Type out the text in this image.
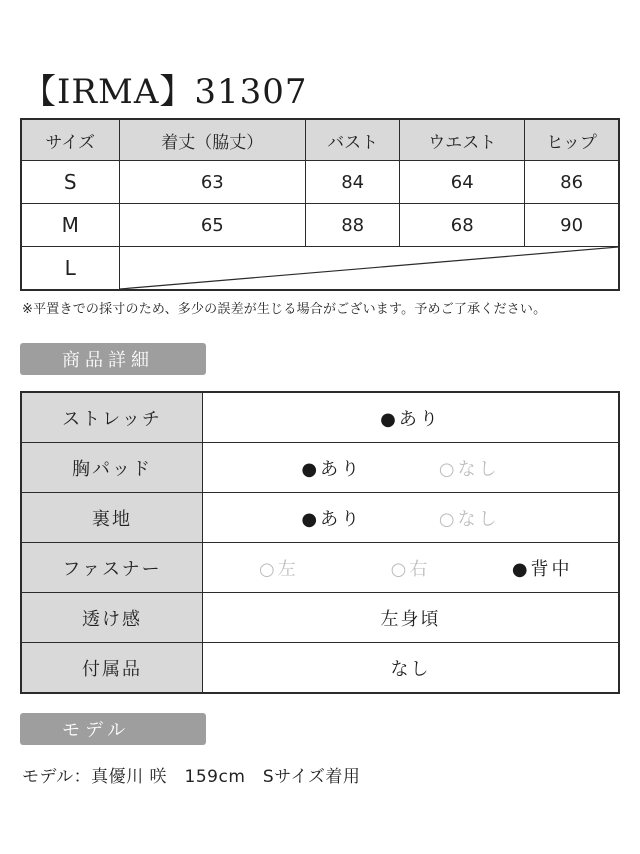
【IRMA】31307
サイズ	着丈（脇丈）	バスト	ウエスト	ヒップ
S	63	84	64	86
M	65	88	68	90
L	
※平置きでの採寸のため、多少の誤差が生じる場合がございます。予めご了承ください。
商品詳細
ストレッチ	●あり

胸パッド	●あり ○なし

裏地	●あり ○なし

ファスナー	○左 ○右 ●背中

透け感	左身頃
付属品	なし
モデル
モデル：真優川 咲　159cm　Sサイズ着用
